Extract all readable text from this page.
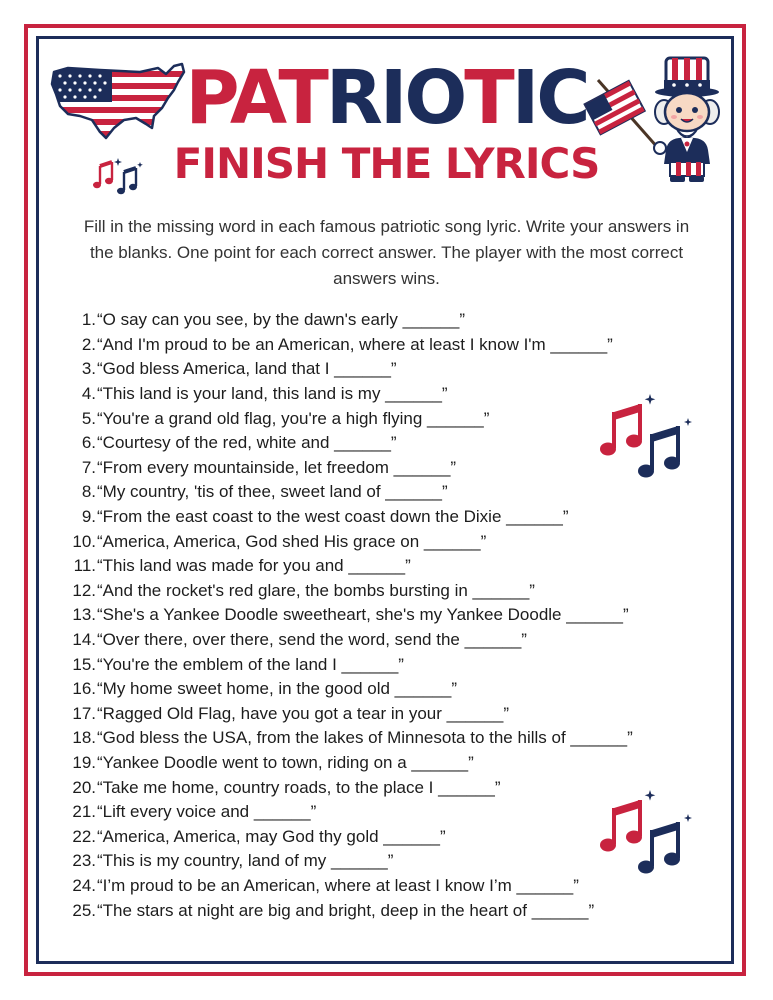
PATRIOTIC
FINISH THE LYRICS
Fill in the missing word in each famous patriotic song lyric. Write your answers in the blanks. One point for each correct answer. The player with the most correct answers wins.
1. “O say can you see, by the dawn's early ______”
2. “And I'm proud to be an American, where at least I know I'm ______”
3. “God bless America, land that I ______”
4. “This land is your land, this land is my ______”
5. “You're a grand old flag, you're a high flying ______”
6. “Courtesy of the red, white and ______”
7. “From every mountainside, let freedom ______”
8. “My country, 'tis of thee, sweet land of ______”
9. “From the east coast to the west coast down the Dixie ______”
10. “America, America, God shed His grace on ______”
11. “This land was made for you and ______”
12. “And the rocket's red glare, the bombs bursting in ______”
13. “She's a Yankee Doodle sweetheart, she's my Yankee Doodle ______”
14. “Over there, over there, send the word, send the ______”
15. “You're the emblem of the land I ______”
16. “My home sweet home, in the good old ______”
17. “Ragged Old Flag, have you got a tear in your ______”
18. “God bless the USA, from the lakes of Minnesota to the hills of ______”
19. “Yankee Doodle went to town, riding on a ______”
20. “Take me home, country roads, to the place I ______”
21. “Lift every voice and ______”
22. “America, America, may God thy gold ______”
23. “This is my country, land of my ______”
24. “I’m proud to be an American, where at least I know I’m ______”
25. “The stars at night are big and bright, deep in the heart of ______”
